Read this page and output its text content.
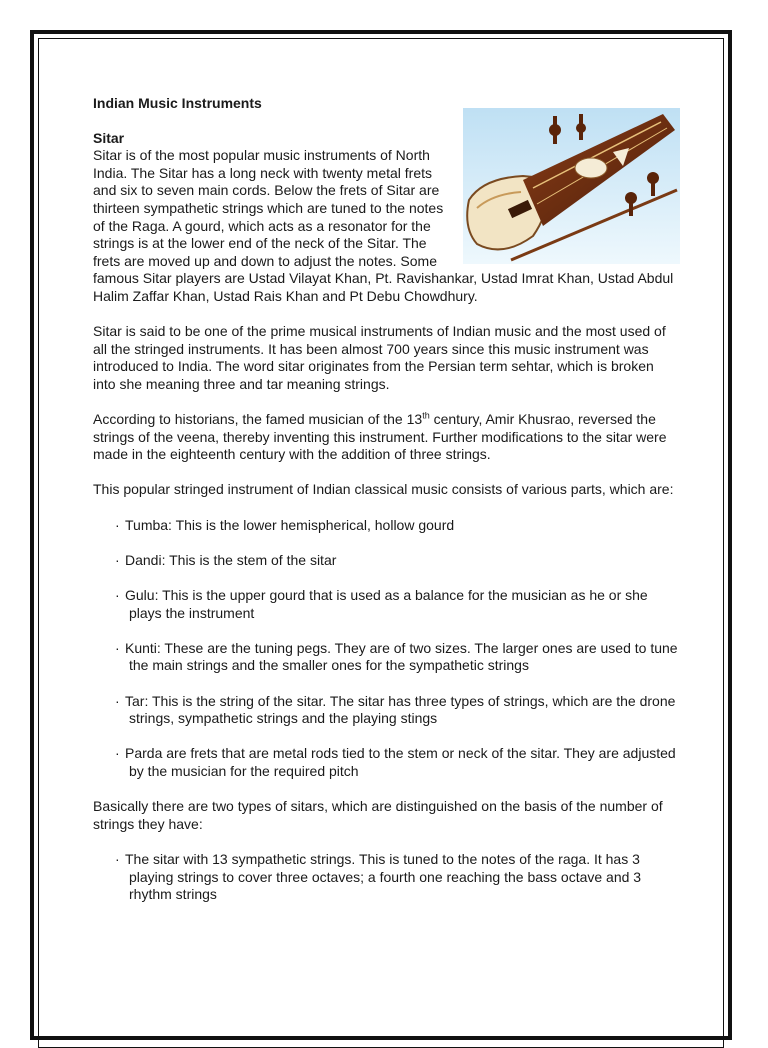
Indian Music Instruments
Sitar

Sitar is of the most popular music instruments of North India. The Sitar has a long neck with twenty metal frets and six to seven main cords. Below the frets of Sitar are thirteen sympathetic strings which are tuned to the notes of the Raga. A gourd, which acts as a resonator for the strings is at the lower end of the neck of the Sitar. The frets are moved up and down to adjust the notes. Some famous Sitar players are Ustad Vilayat Khan, Pt. Ravishankar, Ustad Imrat Khan, Ustad Abdul Halim Zaffar Khan, Ustad Rais Khan and Pt Debu Chowdhury.

Sitar is said to be one of the prime musical instruments of Indian music and the most used of all the stringed instruments. It has been almost 700 years since this music instrument was introduced to India. The word sitar originates from the Persian term sehtar, which is broken into she meaning three and tar meaning strings.

According to historians, the famed musician of the 13th century, Amir Khusrao, reversed the strings of the veena, thereby inventing this instrument. Further modifications to the sitar were made in the eighteenth century with the addition of three strings.

This popular stringed instrument of Indian classical music consists of various parts, which are:

· Tumba: This is the lower hemispherical, hollow gourd
· Dandi: This is the stem of the sitar
· Gulu: This is the upper gourd that is used as a balance for the musician as he or she plays the instrument
· Kunti: These are the tuning pegs. They are of two sizes. The larger ones are used to tune the main strings and the smaller ones for the sympathetic strings
· Tar: This is the string of the sitar. The sitar has three types of strings, which are the drone strings, sympathetic strings and the playing stings
· Parda are frets that are metal rods tied to the stem or neck of the sitar. They are adjusted by the musician for the required pitch

Basically there are two types of sitars, which are distinguished on the basis of the number of strings they have:

· The sitar with 13 sympathetic strings. This is tuned to the notes of the raga. It has 3 playing strings to cover three octaves; a fourth one reaching the bass octave and 3 rhythm strings
